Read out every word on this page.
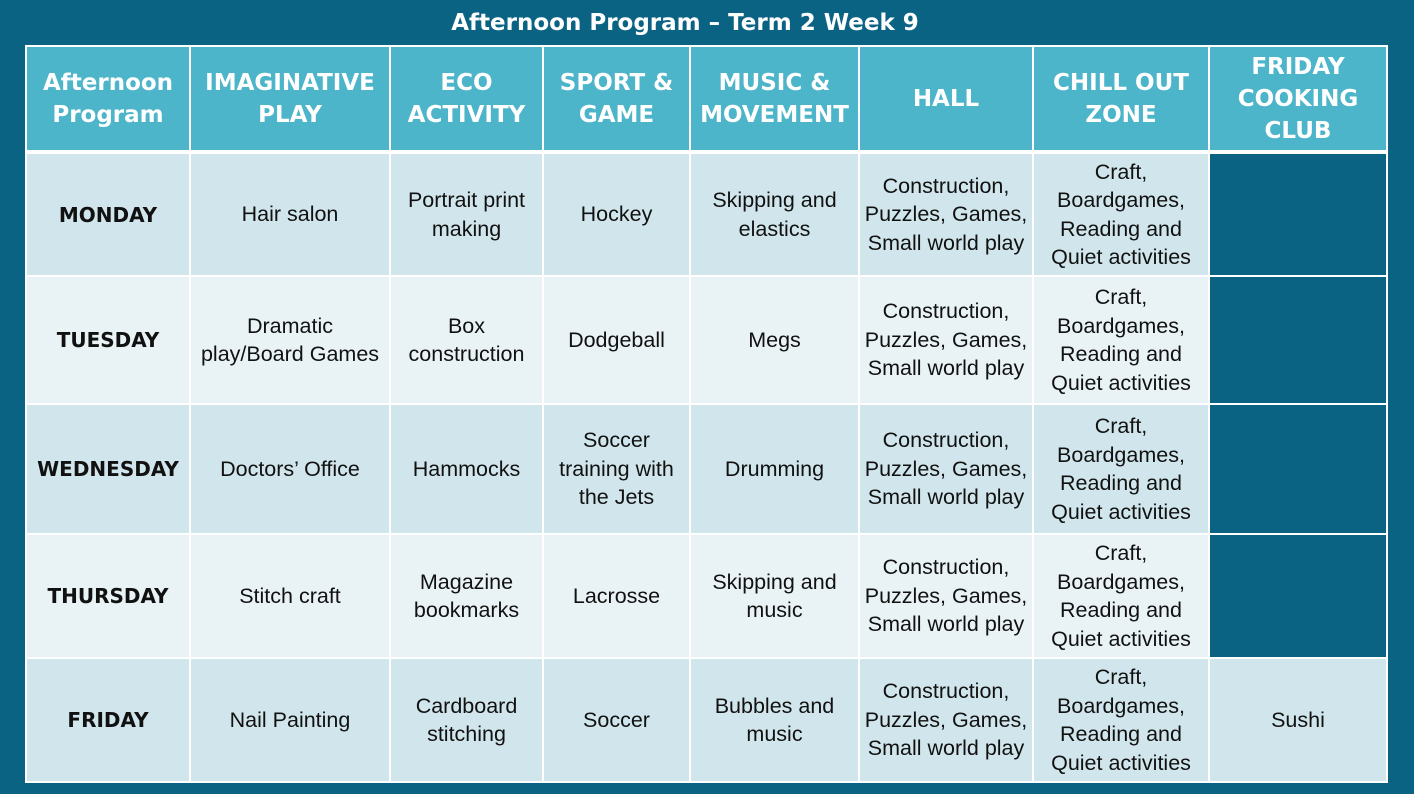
Afternoon Program – Term 2 Week 9
Afternoon Program	IMAGINATIVE PLAY	ECO ACTIVITY	SPORT & GAME	MUSIC & MOVEMENT	HALL	CHILL OUT ZONE	FRIDAY COOKING CLUB
MONDAY	Hair salon	Portrait print making	Hockey	Skipping and elastics	Construction, Puzzles, Games, Small world play	Craft, Boardgames, Reading and Quiet activities	
TUESDAY	Dramatic play/Board Games	Box construction	Dodgeball	Megs	Construction, Puzzles, Games, Small world play	Craft, Boardgames, Reading and Quiet activities	
WEDNESDAY	Doctors’ Office	Hammocks	Soccer training with the Jets	Drumming	Construction, Puzzles, Games, Small world play	Craft, Boardgames, Reading and Quiet activities	
THURSDAY	Stitch craft	Magazine bookmarks	Lacrosse	Skipping and music	Construction, Puzzles, Games, Small world play	Craft, Boardgames, Reading and Quiet activities	
FRIDAY	Nail Painting	Cardboard stitching	Soccer	Bubbles and music	Construction, Puzzles, Games, Small world play	Craft, Boardgames, Reading and Quiet activities	Sushi
